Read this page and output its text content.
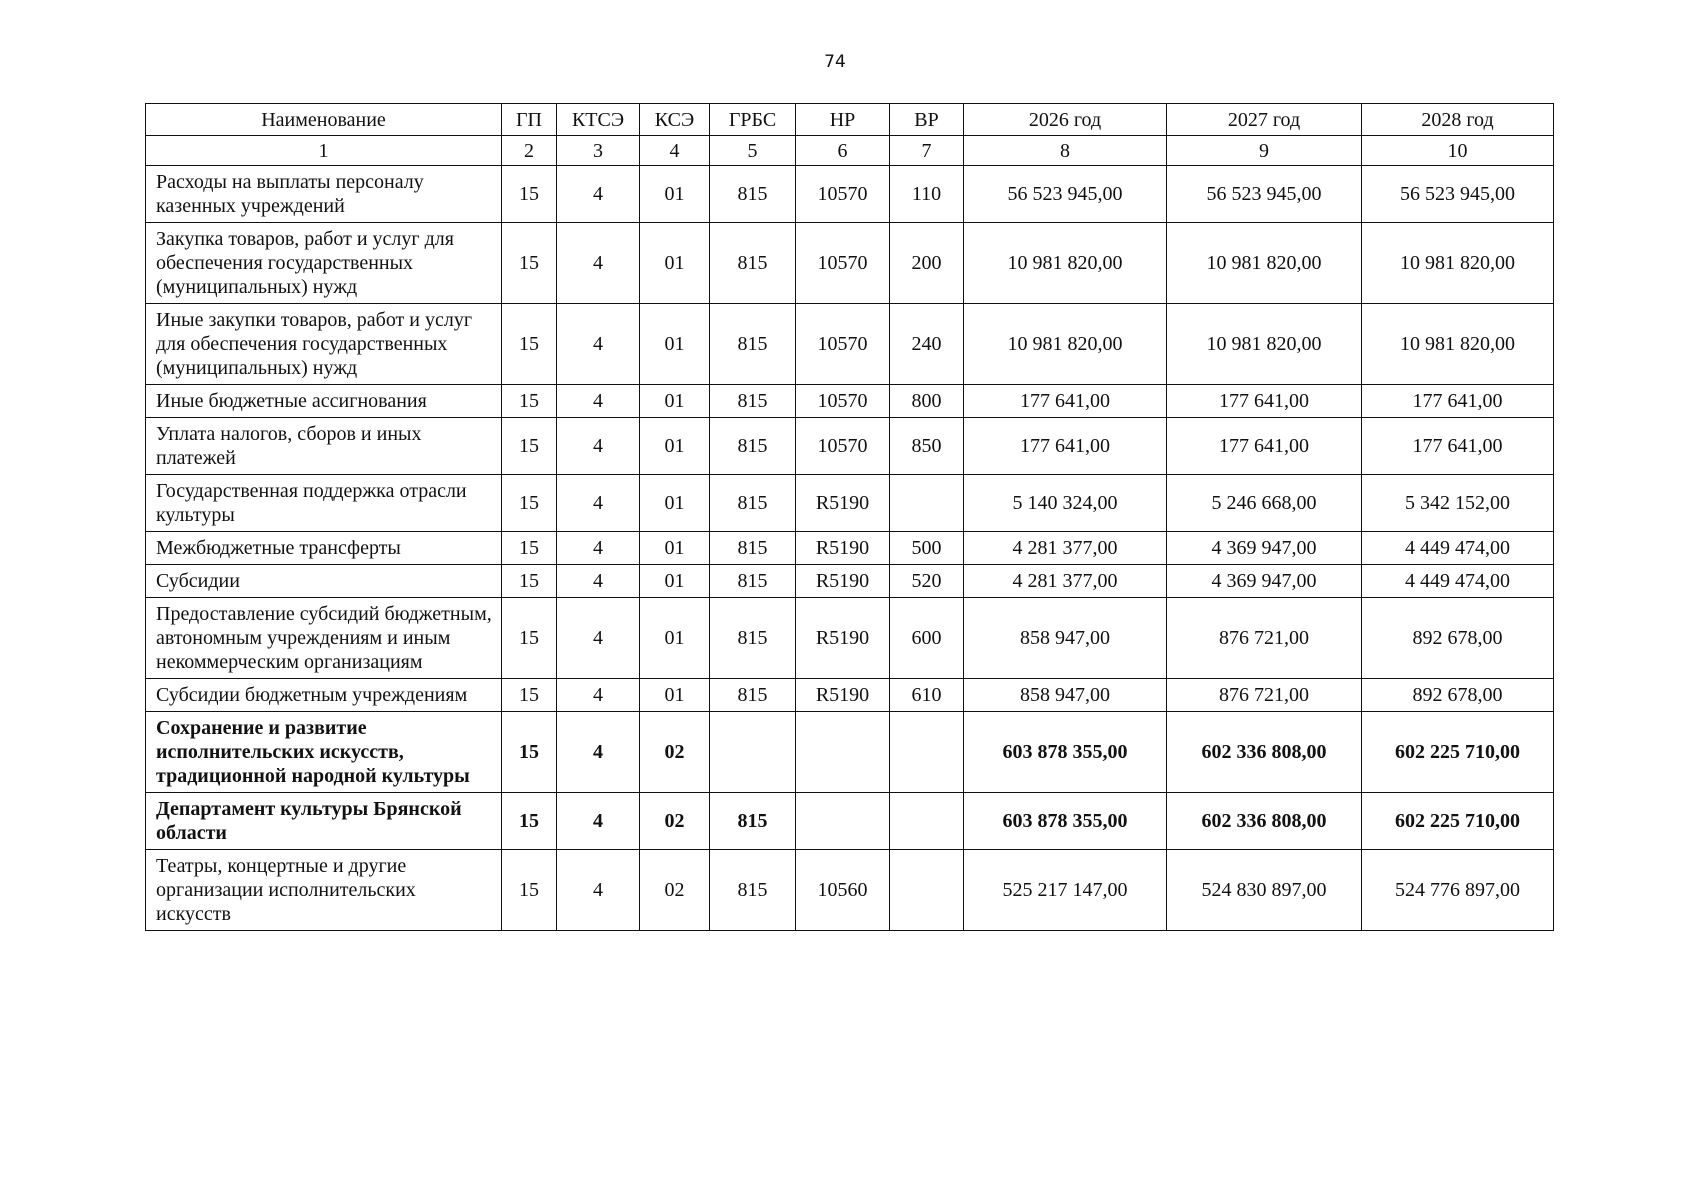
74
Наименование	ГП	КТСЭ	КСЭ	ГРБС	НР	ВР	2026 год	2027 год	2028 год
1	2	3	4	5	6	7	8	9	10
Расходы на выплаты персоналу казенных учреждений	15	4	01	815	10570	110	56 523 945,00	56 523 945,00	56 523 945,00
Закупка товаров, работ и услуг для обеспечения государственных (муниципальных) нужд	15	4	01	815	10570	200	10 981 820,00	10 981 820,00	10 981 820,00
Иные закупки товаров, работ и услуг для обеспечения государственных (муниципальных) нужд	15	4	01	815	10570	240	10 981 820,00	10 981 820,00	10 981 820,00
Иные бюджетные ассигнования	15	4	01	815	10570	800	177 641,00	177 641,00	177 641,00
Уплата налогов, сборов и иных платежей	15	4	01	815	10570	850	177 641,00	177 641,00	177 641,00
Государственная поддержка отрасли культуры	15	4	01	815	R5190		5 140 324,00	5 246 668,00	5 342 152,00
Межбюджетные трансферты	15	4	01	815	R5190	500	4 281 377,00	4 369 947,00	4 449 474,00
Субсидии	15	4	01	815	R5190	520	4 281 377,00	4 369 947,00	4 449 474,00
Предоставление субсидий бюджетным, автономным учреждениям и иным некоммерческим организациям	15	4	01	815	R5190	600	858 947,00	876 721,00	892 678,00
Субсидии бюджетным учреждениям	15	4	01	815	R5190	610	858 947,00	876 721,00	892 678,00
Сохранение и развитие исполнительских искусств, традиционной народной культуры	15	4	02				603 878 355,00	602 336 808,00	602 225 710,00
Департамент культуры Брянской области	15	4	02	815			603 878 355,00	602 336 808,00	602 225 710,00
Театры, концертные и другие организации исполнительских искусств	15	4	02	815	10560		525 217 147,00	524 830 897,00	524 776 897,00
